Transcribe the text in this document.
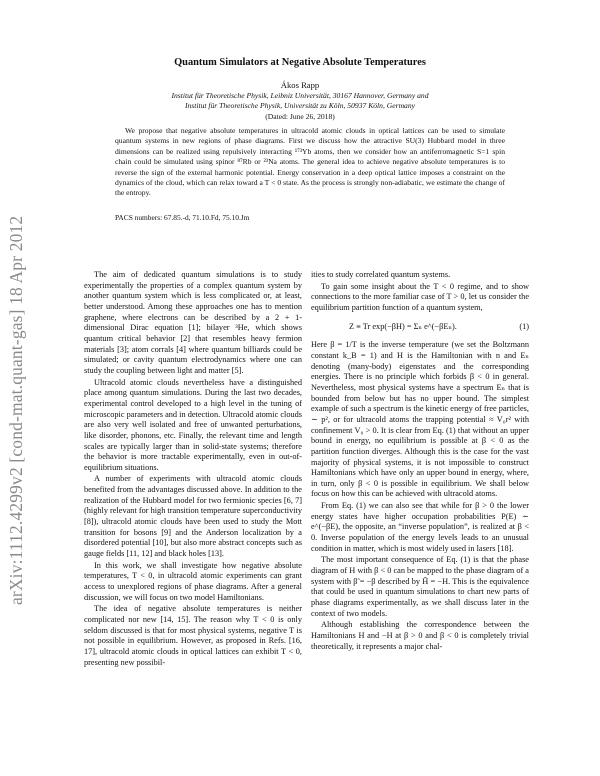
arXiv:1112.4299v2 [cond-mat.quant-gas] 18 Apr 2012
Quantum Simulators at Negative Absolute Temperatures
Ákos Rapp
Institut für Theoretische Physik, Leibniz Universität, 30167 Hannover, Germany and
Institut für Theoretische Physik, Universität zu Köln, 50937 Köln, Germany
(Dated: June 26, 2018)
We propose that negative absolute temperatures in ultracold atomic clouds in optical lattices can be used to simulate quantum systems in new regions of phase diagrams. First we discuss how the attractive SU(3) Hubbard model in three dimensions can be realized using repulsively interacting ¹⁷³Yb atoms, then we consider how an antiferromagnetic S=1 spin chain could be simulated using spinor ⁸⁷Rb or ²³Na atoms. The general idea to achieve negative absolute temperatures is to reverse the sign of the external harmonic potential. Energy conservation in a deep optical lattice imposes a constraint on the dynamics of the cloud, which can relax toward a T < 0 state. As the process is strongly non-adiabatic, we estimate the change of the entropy.
PACS numbers: 67.85.-d, 71.10.Fd, 75.10.Jm

The aim of dedicated quantum simulations is to study experimentally the properties of a complex quantum system by another quantum system which is less complicated or, at least, better understood. Among these approaches one has to mention graphene, where electrons can be described by a 2 + 1-dimensional Dirac equation [1]; bilayer ³He, which shows quantum critical behavior [2] that resembles heavy fermion materials [3]; atom corrals [4] where quantum billiards could be simulated; or cavity quantum electrodynamics where one can study the coupling between light and matter [5].

Ultracold atomic clouds nevertheless have a distinguished place among quantum simulations. During the last two decades, experimental control developed to a high level in the tuning of microscopic parameters and in detection. Ultracold atomic clouds are also very well isolated and free of unwanted perturbations, like disorder, phonons, etc. Finally, the relevant time and length scales are typically larger than in solid-state systems; therefore the behavior is more tractable experimentally, even in out-of-equilibrium situations.

A number of experiments with ultracold atomic clouds benefited from the advantages discussed above. In addition to the realization of the Hubbard model for two fermionic species [6, 7] (highly relevant for high transition temperature superconductivity [8]), ultracold atomic clouds have been used to study the Mott transition for bosons [9] and the Anderson localization by a disordered potential [10], but also more abstract concepts such as gauge fields [11, 12] and black holes [13].

In this work, we shall investigate how negative absolute temperatures, T < 0, in ultracold atomic experiments can grant access to unexplored regions of phase diagrams. After a general discussion, we will focus on two model Hamiltonians.

The idea of negative absolute temperatures is neither complicated nor new [14, 15]. The reason why T < 0 is only seldom discussed is that for most physical systems, negative T is not possible in equilibrium. However, as proposed in Refs. [16, 17], ultracold atomic clouds in optical lattices can exhibit T < 0, presenting new possibil-

ities to study correlated quantum systems.

To gain some insight about the T < 0 regime, and to show connections to the more familiar case of T > 0, let us consider the equilibrium partition function of a quantum system,

Z ≡ Tr exp(−βH) = Σₙ e^(−βEₙ).	(1)

Here β = 1/T is the inverse temperature (we set the Boltzmann constant k_B = 1) and H is the Hamiltonian with n and Eₙ denoting (many-body) eigenstates and the corresponding energies. There is no principle which forbids β < 0 in general. Nevertheless, most physical systems have a spectrum Eₙ that is bounded from below but has no upper bound. The simplest example of such a spectrum is the kinetic energy of free particles, ∼ p², or for ultracold atoms the trapping potential ≈ V₀r² with confinement V₀ > 0. It is clear from Eq. (1) that without an upper bound in energy, no equilibrium is possible at β < 0 as the partition function diverges. Although this is the case for the vast majority of physical systems, it is not impossible to construct Hamiltonians which have only an upper bound in energy, where, in turn, only β < 0 is possible in equilibrium. We shall below focus on how this can be achieved with ultracold atoms.

From Eq. (1) we can also see that while for β > 0 the lower energy states have higher occupation probabilities P(E) ∼ e^(−βE), the opposite, an “inverse population”, is realized at β < 0. Inverse population of the energy levels leads to an unusual condition in matter, which is most widely used in lasers [18].

The most important consequence of Eq. (1) is that the phase diagram of H with β < 0 can be mapped to the phase diagram of a system with β̃ = −β described by H̃ = −H. This is the equivalence that could be used in quantum simulations to chart new parts of phase diagrams experimentally, as we shall discuss later in the context of two models.

Although establishing the correspondence between the Hamiltonians H and −H at β > 0 and β < 0 is completely trivial theoretically, it represents a major chal-
